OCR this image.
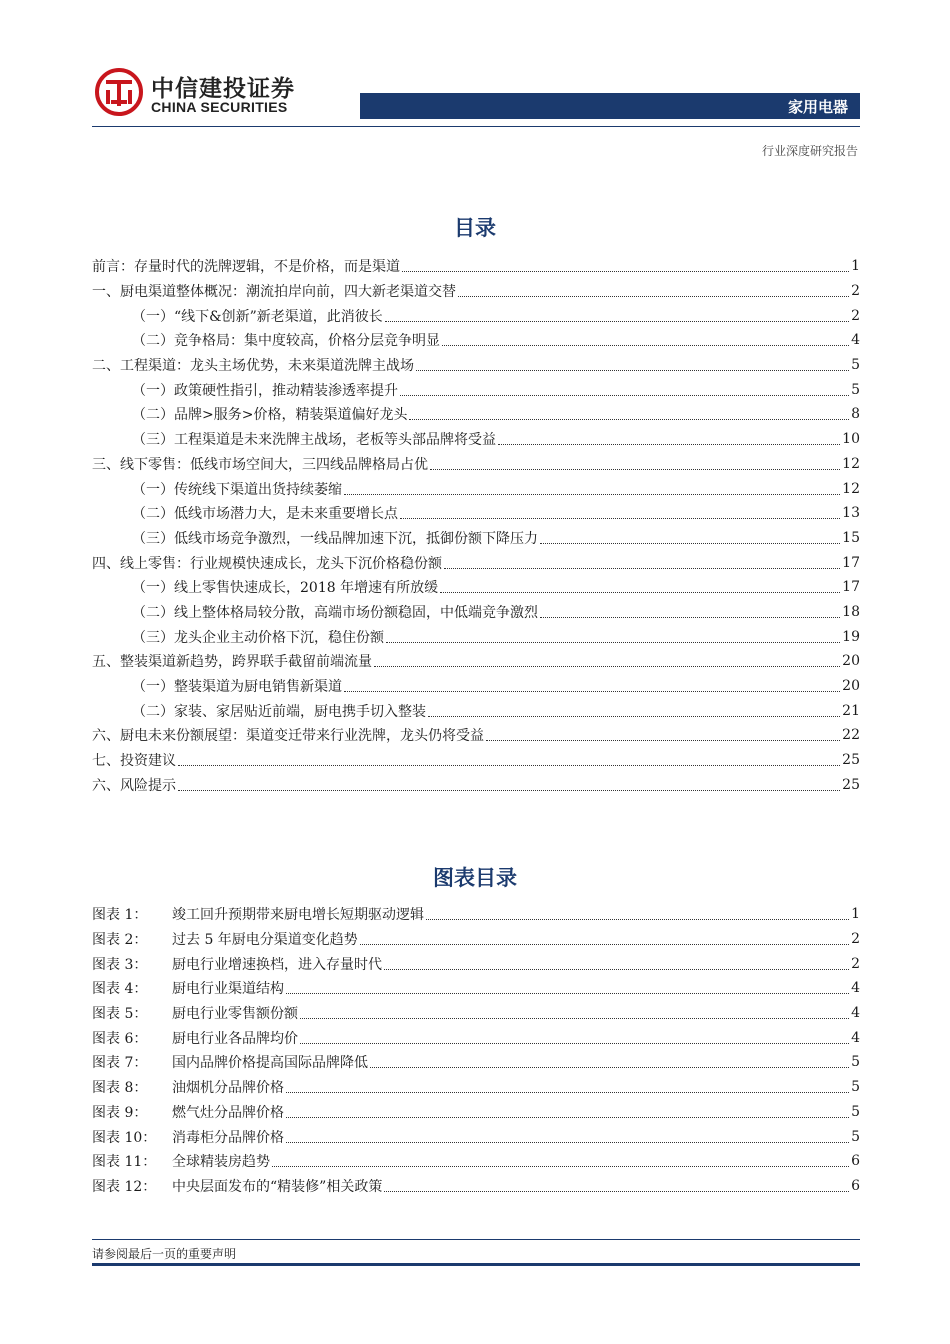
中信建投证券
CHINA SECURITIES	家用电器
行业深度研究报告
目录
前言：存量时代的洗牌逻辑，不是价格，而是渠道	1
一、厨电渠道整体概况：潮流拍岸向前，四大新老渠道交替	2
（一）“线下&创新”新老渠道，此消彼长	2
（二）竞争格局：集中度较高，价格分层竞争明显	4
二、工程渠道：龙头主场优势，未来渠道洗牌主战场	5
（一）政策硬性指引，推动精装渗透率提升	5
（二）品牌>服务>价格，精装渠道偏好龙头	8
（三）工程渠道是未来洗牌主战场，老板等头部品牌将受益	10
三、线下零售：低线市场空间大，三四线品牌格局占优	12
（一）传统线下渠道出货持续萎缩	12
（二）低线市场潜力大，是未来重要增长点	13
（三）低线市场竞争激烈，一线品牌加速下沉，抵御份额下降压力	15
四、线上零售：行业规模快速成长，龙头下沉价格稳份额	17
（一）线上零售快速成长，2018 年增速有所放缓	17
（二）线上整体格局较分散，高端市场份额稳固，中低端竞争激烈	18
（三）龙头企业主动价格下沉，稳住份额	19
五、整装渠道新趋势，跨界联手截留前端流量	20
（一）整装渠道为厨电销售新渠道	20
（二）家装、家居贴近前端，厨电携手切入整装	21
六、厨电未来份额展望：渠道变迁带来行业洗牌，龙头仍将受益	22
七、投资建议	25
六、风险提示	25
图表目录
图表 1： 竣工回升预期带来厨电增长短期驱动逻辑	1
图表 2： 过去 5 年厨电分渠道变化趋势	2
图表 3： 厨电行业增速换档，进入存量时代	2
图表 4： 厨电行业渠道结构	4
图表 5： 厨电行业零售额份额	4
图表 6： 厨电行业各品牌均价	4
图表 7： 国内品牌价格提高国际品牌降低	5
图表 8： 油烟机分品牌价格	5
图表 9： 燃气灶分品牌价格	5
图表 10： 消毒柜分品牌价格	5
图表 11： 全球精装房趋势	6
图表 12： 中央层面发布的“精装修”相关政策	6
请参阅最后一页的重要声明
